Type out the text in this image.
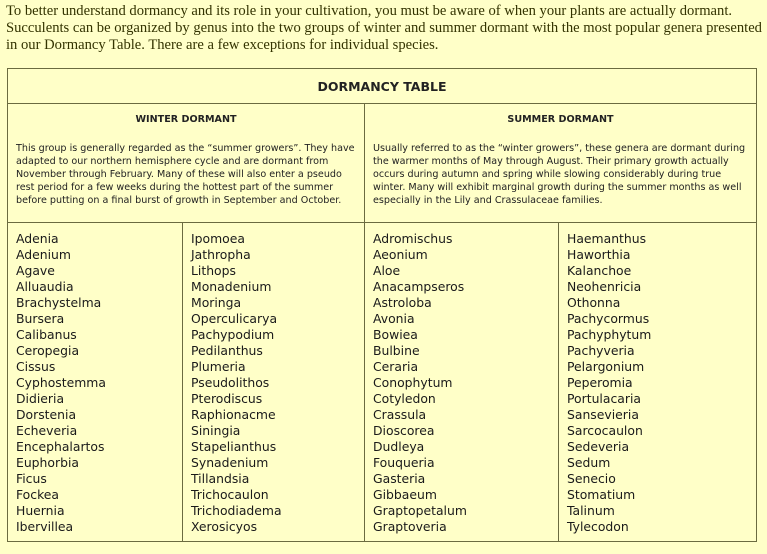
To better understand dormancy and its role in your cultivation, you must be aware of when your plants are actually dormant. Succulents can be organized by genus into the two groups of winter and summer dormant with the most popular genera presented in our Dormancy Table. There are a few exceptions for individual species.
DORMANCY TABLE
WINTER DORMANT
This group is generally regarded as the “summer growers”. They have adapted to our northern hemisphere cycle and are dormant from November through February. Many of these will also enter a pseudo rest period for a few weeks during the hottest part of the summer before putting on a final burst of growth in September and October.
SUMMER DORMANT
Usually referred to as the “winter growers”, these genera are dormant during the warmer months of May through August. Their primary growth actually occurs during autumn and spring while slowing considerably during true winter. Many will exhibit marginal growth during the summer months as well especially in the Lily and Crassulaceae families.
Adenia
Adenium
Agave
Alluaudia
Brachystelma
Bursera
Calibanus
Ceropegia
Cissus
Cyphostemma
Didieria
Dorstenia
Echeveria
Encephalartos
Euphorbia
Ficus
Fockea
Huernia
Ibervillea
Ipomoea
Jathropha
Lithops
Monadenium
Moringa
Operculicarya
Pachypodium
Pedilanthus
Plumeria
Pseudolithos
Pterodiscus
Raphionacme
Siningia
Stapelianthus
Synadenium
Tillandsia
Trichocaulon
Trichodiadema
Xerosicyos
Adromischus
Aeonium
Aloe
Anacampseros
Astroloba
Avonia
Bowiea
Bulbine
Ceraria
Conophytum
Cotyledon
Crassula
Dioscorea
Dudleya
Fouqueria
Gasteria
Gibbaeum
Graptopetalum
Graptoveria
Haemanthus
Haworthia
Kalanchoe
Neohenricia
Othonna
Pachycormus
Pachyphytum
Pachyveria
Pelargonium
Peperomia
Portulacaria
Sansevieria
Sarcocaulon
Sedeveria
Sedum
Senecio
Stomatium
Talinum
Tylecodon
